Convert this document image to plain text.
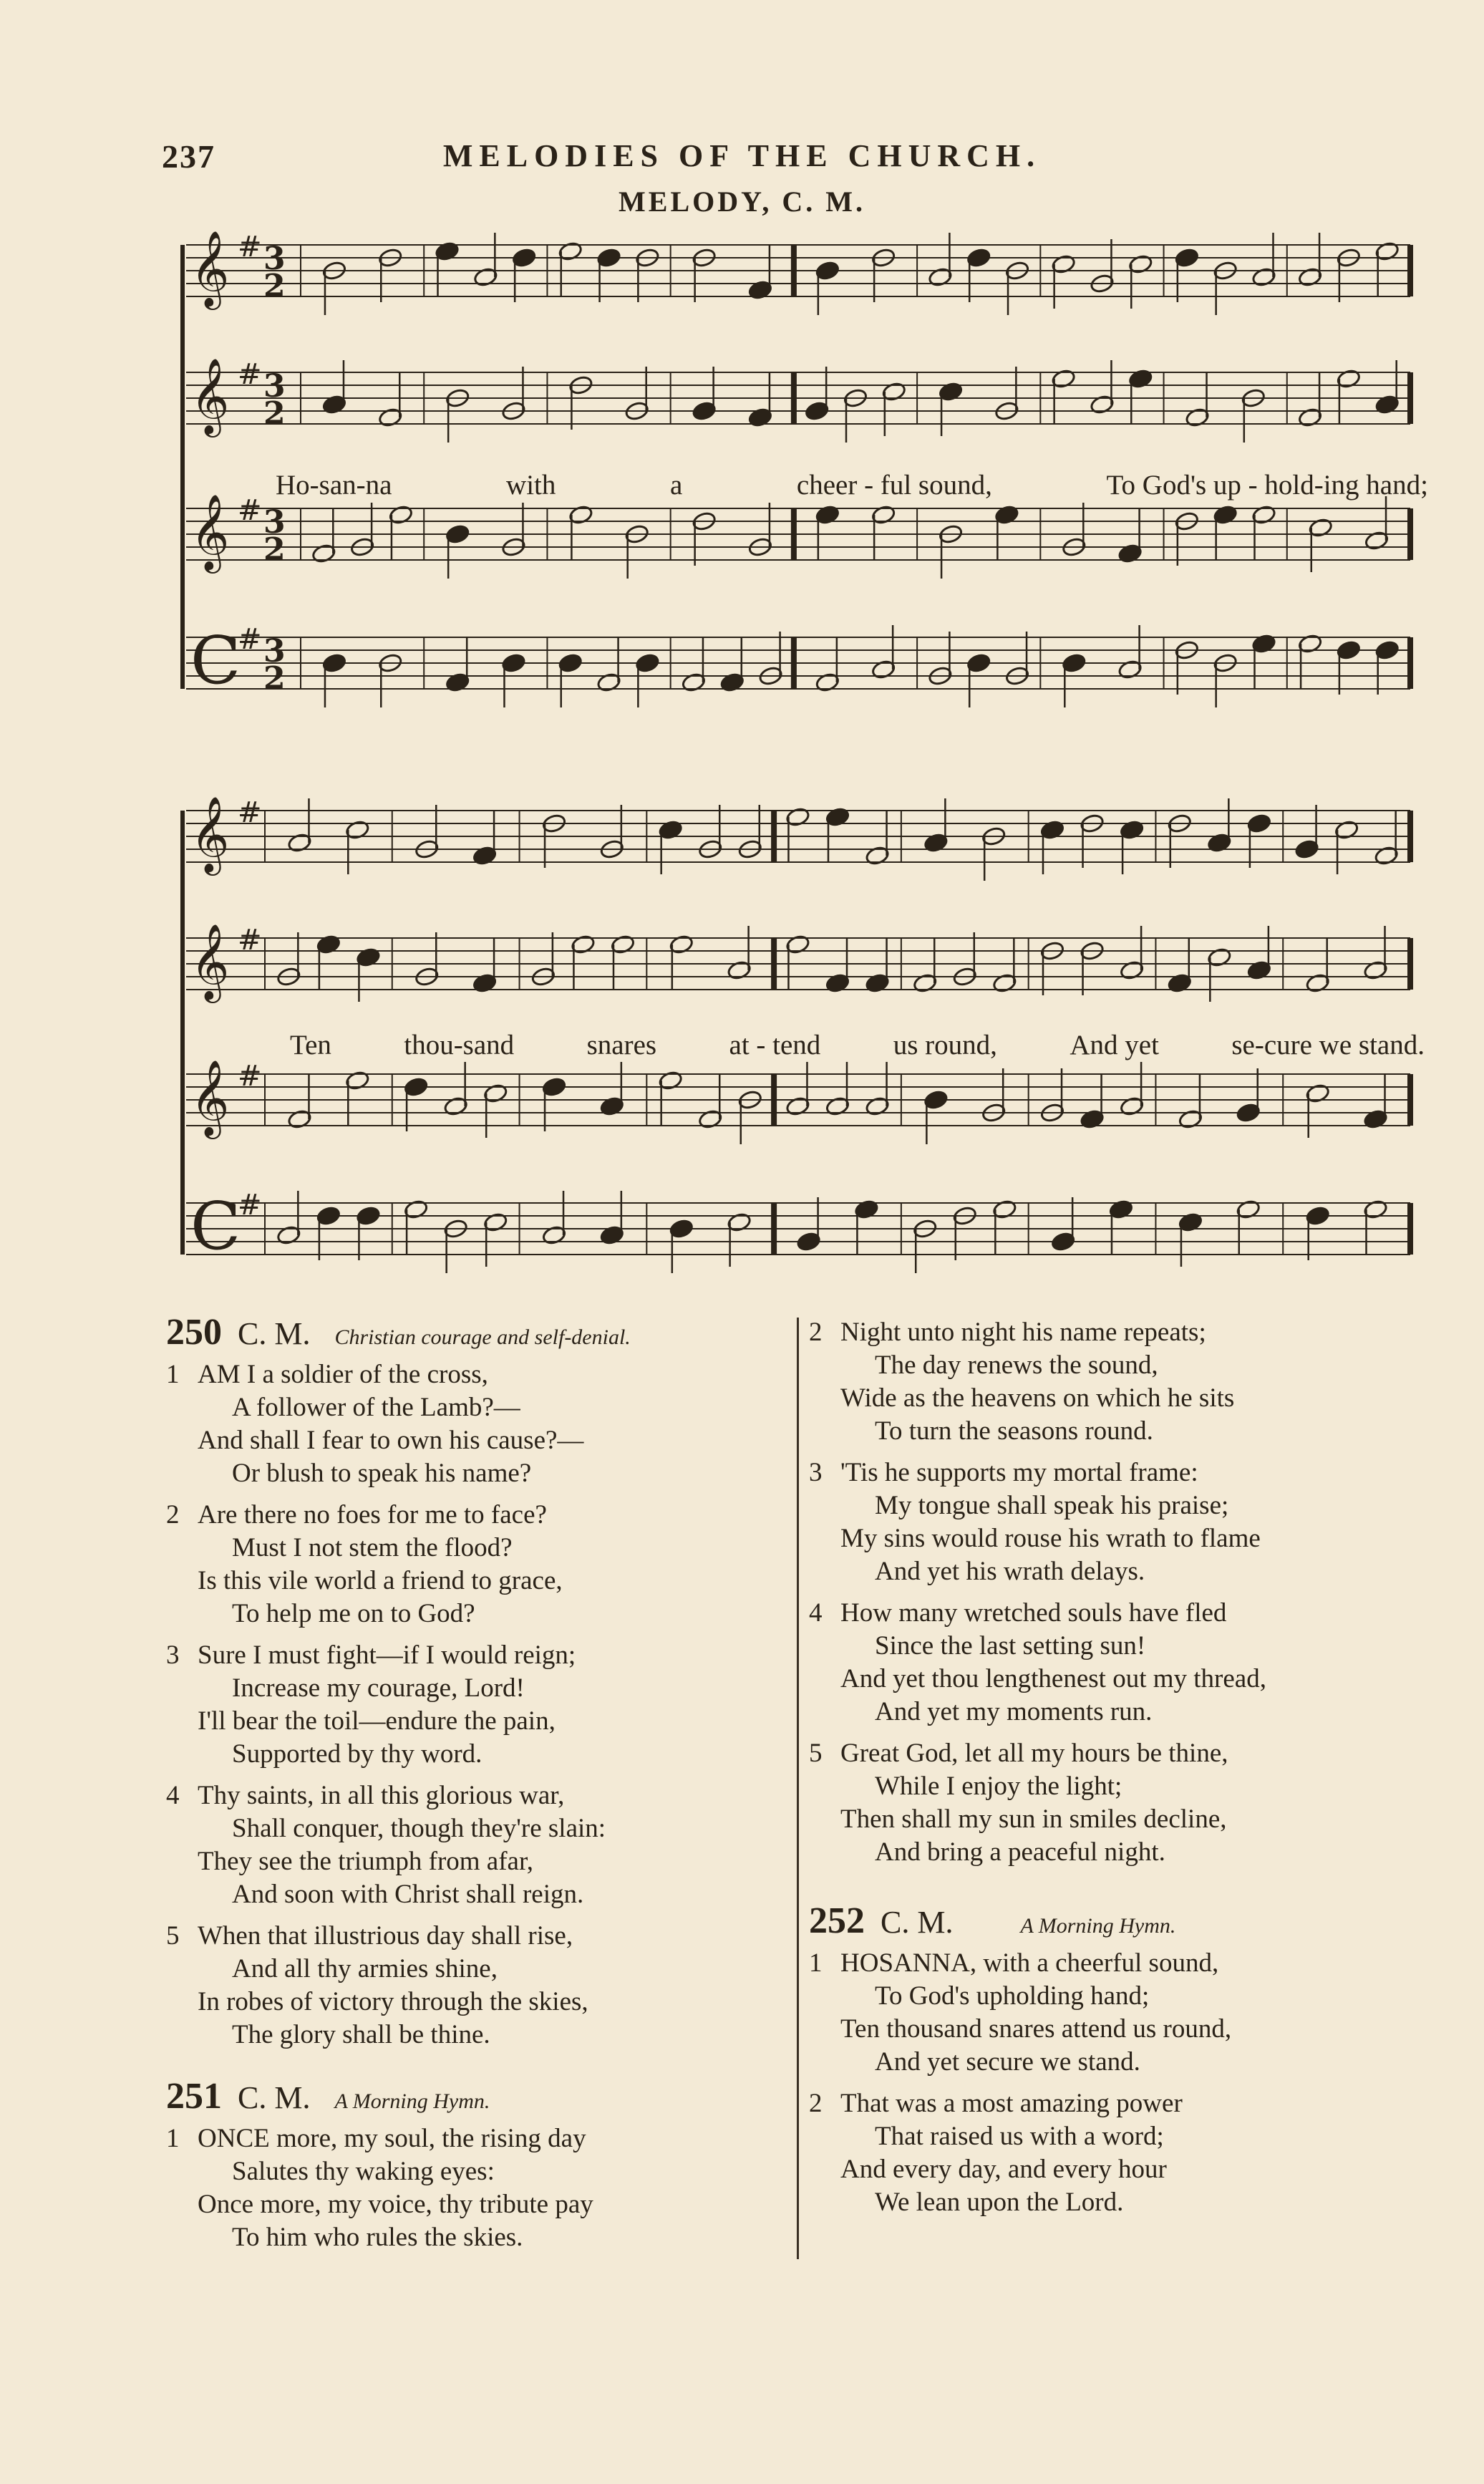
237	MELODIES OF THE CHURCH.
MELODY, C. M.
𝄞 # 3
2
𝄞 # 3
2
𝄞 # 3
2
C
# 3
2
Ho-san-na	with	a	cheer - ful sound,	To God's up - hold-ing hand;
𝄞 #
𝄞 #
𝄞 #
C
#
Ten	thou-sand	snares	at - tend	us round,	And yet	se-cure we stand.
250 C. M. Christian courage and self-denial.
1 AM I a soldier of the cross,
A follower of the Lamb?—
And shall I fear to own his cause?—
Or blush to speak his name?
2 Are there no foes for me to face?
Must I not stem the flood?
Is this vile world a friend to grace,
To help me on to God?
3 Sure I must fight—if I would reign;
Increase my courage, Lord!
I'll bear the toil—endure the pain,
Supported by thy word.
4 Thy saints, in all this glorious war,
Shall conquer, though they're slain:
They see the triumph from afar,
And soon with Christ shall reign.
5 When that illustrious day shall rise,
And all thy armies shine,
In robes of victory through the skies,
The glory shall be thine.
251 C. M. A Morning Hymn.
1 ONCE more, my soul, the rising day
Salutes thy waking eyes:
Once more, my voice, thy tribute pay
To him who rules the skies.
2 Night unto night his name repeats;
The day renews the sound,
Wide as the heavens on which he sits
To turn the seasons round.
3 'Tis he supports my mortal frame:
My tongue shall speak his praise;
My sins would rouse his wrath to flame
And yet his wrath delays.
4 How many wretched souls have fled
Since the last setting sun!
And yet thou lengthenest out my thread,
And yet my moments run.
5 Great God, let all my hours be thine,
While I enjoy the light;
Then shall my sun in smiles decline,
And bring a peaceful night.
252 C. M.	A Morning Hymn.
1 HOSANNA, with a cheerful sound,
To God's upholding hand;
Ten thousand snares attend us round,
And yet secure we stand.
2 That was a most amazing power
That raised us with a word;
And every day, and every hour
We lean upon the Lord.
